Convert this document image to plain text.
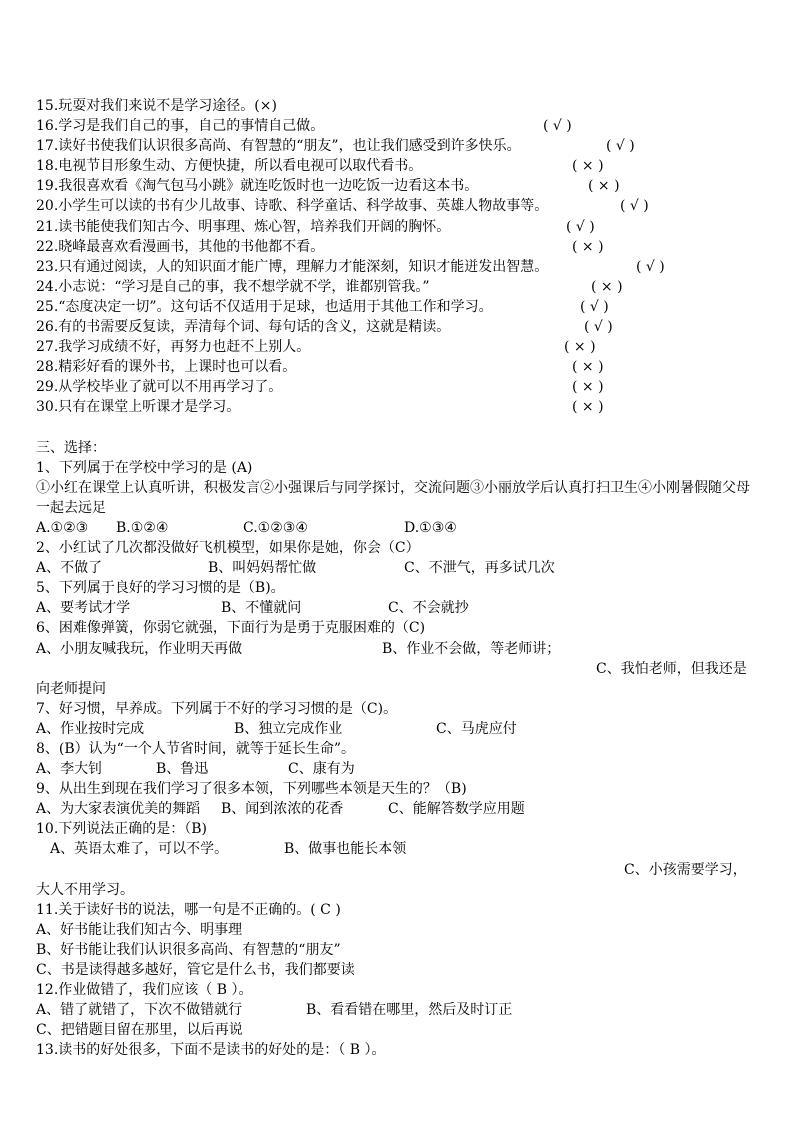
15.玩耍对我们来说不是学习途径。(×)
16.学习是我们自己的事，自己的事情自己做。	( √ )
17.读好书使我们认识很多高尚、有智慧的“朋友”，也让我们感受到许多快乐。	( √ )
18.电视节目形象生动、方便快捷，所以看电视可以取代看书。	( × )
19.我很喜欢看《淘气包马小跳》就连吃饭时也一边吃饭一边看这本书。	( × )
20.小学生可以读的书有少儿故事、诗歌、科学童话、科学故事、英雄人物故事等。	( √ )
21.读书能使我们知古今、明事理、炼心智，培养我们开阔的胸怀。	( √ )
22.晓峰最喜欢看漫画书，其他的书他都不看。	( × )
23.只有通过阅读，人的知识面才能广博，理解力才能深刻，知识才能迸发出智慧。	( √ )
24.小志说：“学习是自己的事，我不想学就不学，谁都别管我。”	( × )
25.“态度决定一切”。这句话不仅适用于足球，也适用于其他工作和学习。	( √ )
26.有的书需要反复读，弄清每个词、每句话的含义，这就是精读。	( √ )
27.我学习成绩不好，再努力也赶不上别人。	( × )
28.精彩好看的课外书，上课时也可以看。	( × )
29.从学校毕业了就可以不用再学习了。	( × )
30.只有在课堂上听课才是学习。	( × )
三、选择：
1、下列属于在学校中学习的是 (A)
①小红在课堂上认真听讲，积极发言②小强课后与同学探讨，交流问题③小丽放学后认真打扫卫生④小刚暑假随父母一起去远足
A.①②③ B.①②④	C.①②③④	D.①③④
2、小红试了几次都没做好飞机模型，如果你是她，你会（C）
A、不做了	B、叫妈妈帮忙做	C、不泄气，再多试几次
5、下列属于良好的学习习惯的是（B)。
A、要考试才学	B、不懂就问	C、不会就抄
6、困难像弹簧，你弱它就强，下面行为是勇于克服困难的（C)
A、小朋友喊我玩，作业明天再做	B、作业不会做，等老师讲；
C、我怕老师，但我还是向老师提问
7、好习惯，早养成。下列属于不好的学习习惯的是（C)。
A、作业按时完成	B、独立完成作业	C、马虎应付
8、(B）认为“一个人节省时间，就等于延长生命”。
A、李大钊	B、鲁迅	C、康有为
9、从出生到现在我们学习了很多本领，下列哪些本领是天生的？（B)
A、为大家表演优美的舞蹈 B、闻到浓浓的花香	C、能解答数学应用题
10.下列说法正确的是：（B)
A、英语太难了，可以不学。	B、做事也能长本领
C、小孩需要学习，大人不用学习。
11.关于读好书的说法，哪一句是不正确的。( C )
A、好书能让我们知古今、明事理
B、好书能让我们认识很多高尚、有智慧的“朋友”
C、书是读得越多越好，管它是什么书，我们都要读
12.作业做错了，我们应该（ B ）。
A、错了就错了，下次不做错就行	B、看看错在哪里，然后及时订正
C、把错题目留在那里，以后再说
13.读书的好处很多，下面不是读书的好处的是：（ B ）。
